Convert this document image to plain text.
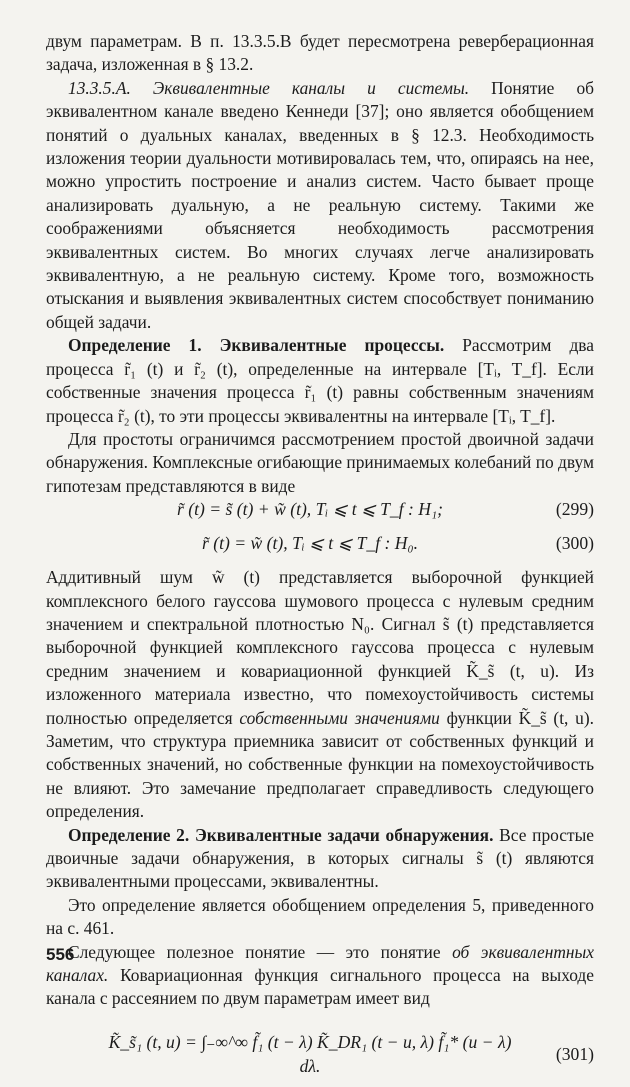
двум параметрам. В п. 13.3.5.В будет пересмотрена реверберационная задача, изложенная в § 13.2.

13.3.5.А. Эквивалентные каналы и системы. Понятие об эквивалентном канале введено Кеннеди [37]; оно является обобщением понятий о дуальных каналах, введенных в § 12.3. Необходимость изложения теории дуальности мотивировалась тем, что, опираясь на нее, можно упростить построение и анализ систем. Часто бывает проще анализировать дуальную, а не реальную систему. Такими же соображениями объясняется необходимость рассмотрения эквивалентных систем. Во многих случаях легче анализировать эквивалентную, а не реальную систему. Кроме того, возможность отыскания и выявления эквивалентных систем способствует пониманию общей задачи.

Определение 1. Эквивалентные процессы. Рассмотрим два процесса r̃₁ (t) и r̃₂ (t), определенные на интервале [Tᵢ, T_f]. Если собственные значения процесса r̃₁ (t) равны собственным значениям процесса r̃₂ (t), то эти процессы эквивалентны на интервале [Tᵢ, T_f].

Для простоты ограничимся рассмотрением простой двоичной задачи обнаружения. Комплексные огибающие принимаемых колебаний по двум гипотезам представляются в виде

r̃ (t) = s̃ (t) + w̃ (t), Tᵢ ⩽ t ⩽ T_f : H₁;	(299)
r̃ (t) = w̃ (t), Tᵢ ⩽ t ⩽ T_f : H₀.	(300)

Аддитивный шум w̃ (t) представляется выборочной функцией комплексного белого гауссова шумового процесса с нулевым средним значением и спектральной плотностью N₀. Сигнал s̃ (t) представляется выборочной функцией комплексного гауссова процесса с нулевым средним значением и ковариационной функцией K̃_s̃ (t, u). Из изложенного материала известно, что помехоустойчивость системы полностью определяется собственными значениями функции K̃_s̃ (t, u). Заметим, что структура приемника зависит от собственных функций и собственных значений, но собственные функции на помехоустойчивость не влияют. Это замечание предполагает справедливость следующего определения.

Определение 2. Эквивалентные задачи обнаружения. Все простые двоичные задачи обнаружения, в которых сигналы s̃ (t) являются эквивалентными процессами, эквивалентны.

Это определение является обобщением определения 5, приведенного на с. 461.

Следующее полезное понятие — это понятие об эквивалентных каналах. Ковариационная функция сигнального процесса на выходе канала с рассеянием по двум параметрам имеет вид

K̃_s̃₁ (t, u) = ∫₋∞^∞ f̃₁ (t − λ) K̃_DR₁ (t − u, λ) f̃₁* (u − λ) dλ.
(301)
556
